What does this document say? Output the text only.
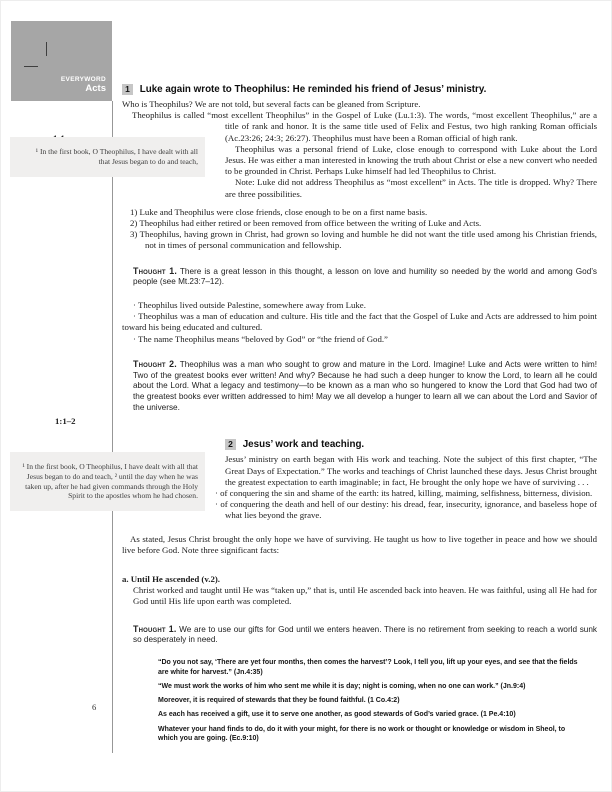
EVERYWORD
Acts
1:1–2
6
1 Luke again wrote to Theophilus: He reminded his friend of Jesus’ ministry.

Who is Theophilus? We are not told, but several facts can be gleaned from Scripture.

Theophilus is called “most excellent Theophilus” in the Gospel of Luke (Lu.1:3). The words, “most excellent Theophilus,” are a title of rank and honor. It is the same title used of Felix and Festus, two high ranking Roman officials
¹ In the first book, O Theophilus, I have dealt with all that Jesus began to do and teach,
(Ac.23:26; 24:3; 26:27). Theophilus must have been a Roman official of high rank.

Theophilus was a personal friend of Luke, close enough to correspond with Luke about the Lord Jesus. He was either a man interested in knowing the truth about Christ or else a new convert who needed to be grounded in Christ. Perhaps Luke himself had led Theophilus to Christ.

Note: Luke did not address Theophilus as “most excellent” in Acts. The title is dropped. Why? There are three possibilities.

1) Luke and Theophilus were close friends, close enough to be on a first name basis.

2) Theophilus had either retired or been removed from office between the writing of Luke and Acts.

3) Theophilus, having grown in Christ, had grown so loving and humble he did not want the title used among his Christian friends, not in times of personal communication and fellowship.

Thought 1. There is a great lesson in this thought, a lesson on love and humility so needed by the world and among God’s people (see Mt.23:7–12).

· Theophilus lived outside Palestine, somewhere away from Luke.

· Theophilus was a man of education and culture. His title and the fact that the Gospel of Luke and Acts are addressed to him point toward his being educated and cultured.

· The name Theophilus means “beloved by God” or “the friend of God.”

Thought 2. Theophilus was a man who sought to grow and mature in the Lord. Imagine! Luke and Acts were written to him! Two of the greatest books ever written! And why? Because he had such a deep hunger to know the Lord, to learn all he could about the Lord. What a legacy and testimony—to be known as a man who so hungered to know the Lord that God had two of the greatest books ever written addressed to him! May we all develop a hunger to learn all we can about the Lord and Savior of the universe.

¹ In the first book, O Theophilus, I have dealt with all that Jesus began to do and teach, ² until the day when he was taken up, after he had given commands through the Holy Spirit to the apostles whom he had chosen.
2 Jesus’ work and teaching.

Jesus’ ministry on earth began with His work and teaching. Note the subject of this first chapter, “The Great Days of Expectation.” The works and teachings of Christ launched these days. Jesus Christ brought the greatest expectation to earth imaginable; in fact, He brought the only hope we have of surviving . . .

· of conquering the sin and shame of the earth: its hatred, killing, maiming, selfishness, bitterness, division.

· of conquering the death and hell of our destiny: his dread, fear, insecurity, ignorance, and baseless hope of what lies beyond the grave.

As stated, Jesus Christ brought the only hope we have of surviving. He taught us how to live together in peace and how we should live before God. Note three significant facts:

a. Until He ascended (v.2).

Christ worked and taught until He was “taken up,” that is, until He ascended back into heaven. He was faithful, using all He had for God until His life upon earth was completed.

Thought 1. We are to use our gifts for God until we enters heaven. There is no retirement from seeking to reach a world sunk so desperately in need.

“Do you not say, ‘There are yet four months, then comes the harvest’? Look, I tell you, lift up your eyes, and see that the fields are white for harvest.” (Jn.4:35)

“We must work the works of him who sent me while it is day; night is coming, when no one can work.” (Jn.9:4)

Moreover, it is required of stewards that they be found faithful. (1 Co.4:2)

As each has received a gift, use it to serve one another, as good stewards of God’s varied grace. (1 Pe.4:10)

Whatever your hand finds to do, do it with your might, for there is no work or thought or knowledge or wisdom in Sheol, to which you are going. (Ec.9:10)
